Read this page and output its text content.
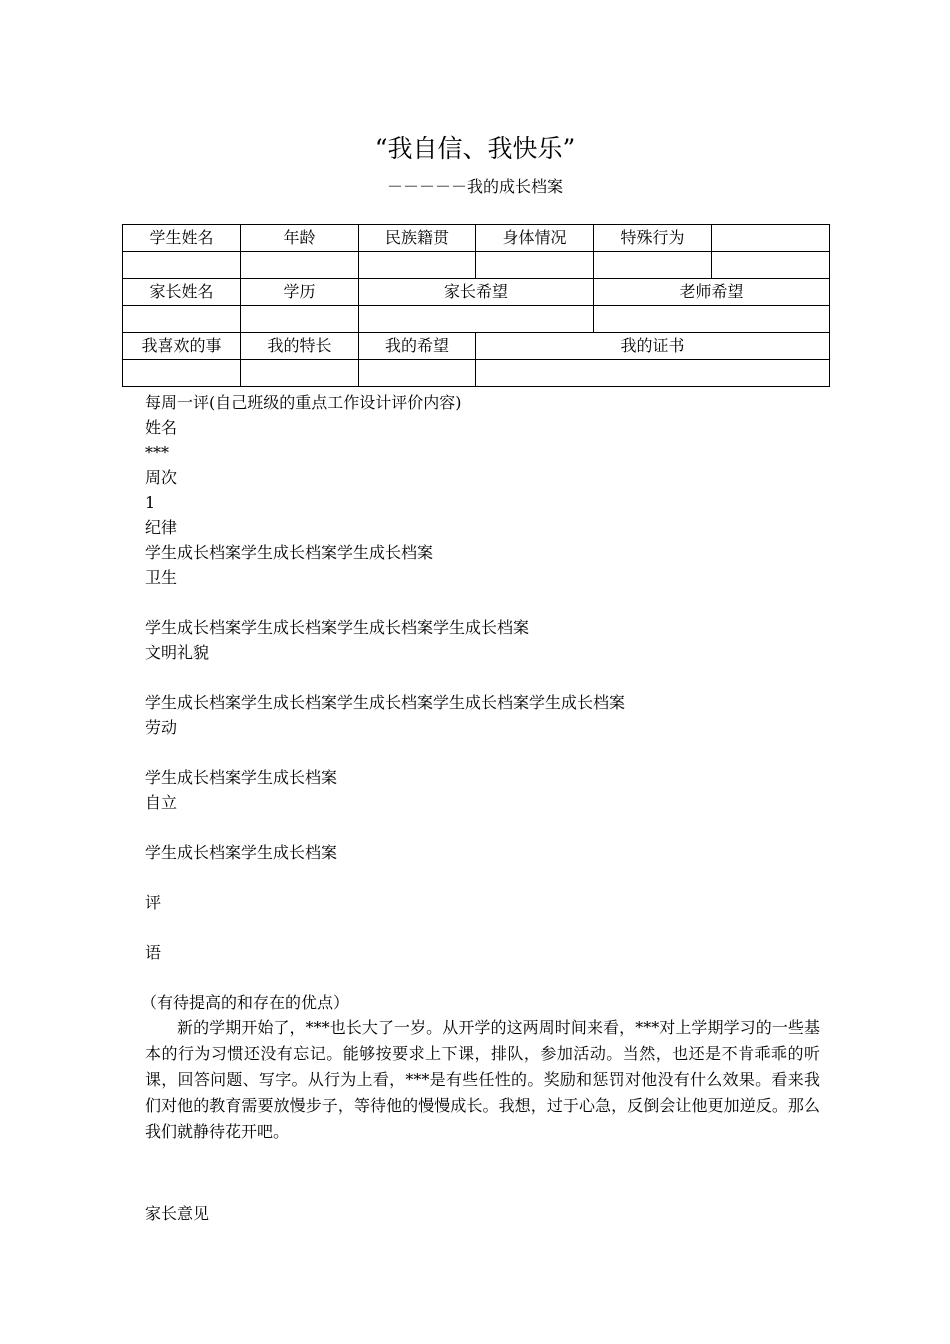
“我自信、我快乐”
－－－－－我的成长档案
学生姓名	年龄	民族籍贯	身体情况	特殊行为	

家长姓名	学历	家长希望		老师希望	

我喜欢的事	我的特长	我的希望	我的证书		

每周一评(自己班级的重点工作设计评价内容)
姓名
***
周次
1
纪律
学生成长档案学生成长档案学生成长档案
卫生
学生成长档案学生成长档案学生成长档案学生成长档案
文明礼貌
学生成长档案学生成长档案学生成长档案学生成长档案学生成长档案
劳动
学生成长档案学生成长档案
自立
学生成长档案学生成长档案
评
语
（有待提高的和存在的优点）

新的学期开始了，***也长大了一岁。从开学的这两周时间来看，***对上学期学习的一些基本的行为习惯还没有忘记。能够按要求上下课，排队，参加活动。当然，也还是不肯乖乖的听课，回答问题、写字。从行为上看，***是有些任性的。奖励和惩罚对他没有什么效果。看来我们对他的教育需要放慢步子，等待他的慢慢成长。我想，过于心急，反倒会让他更加逆反。那么我们就静待花开吧。

家长意见
